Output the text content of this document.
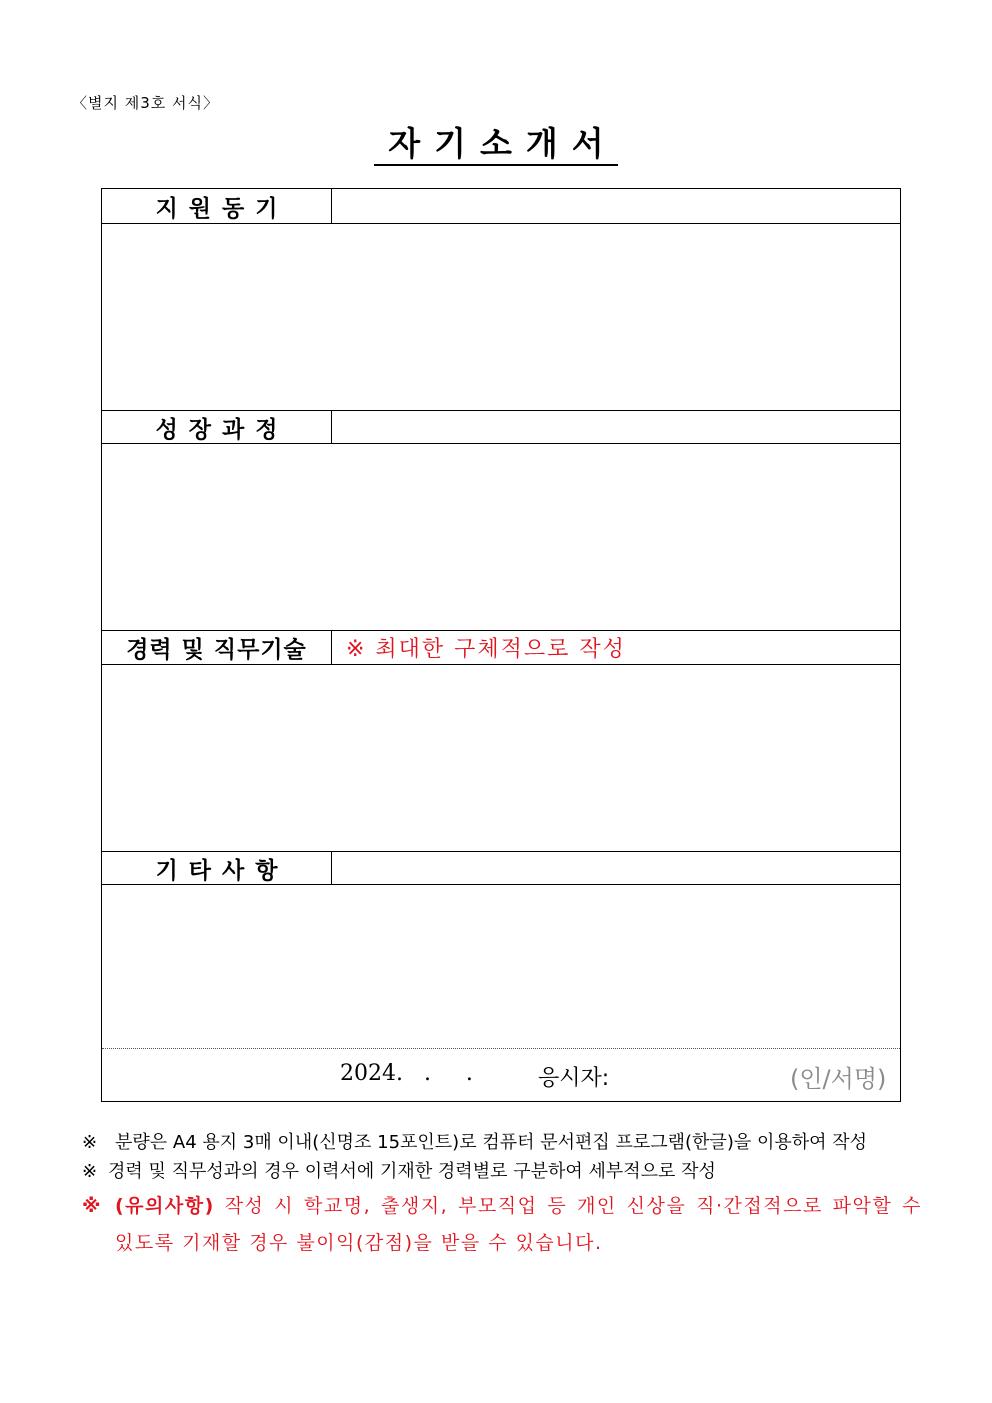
〈별지 제3호 서식〉
자기소개서
지원동기
성장과정
경력 및 직무기술	※ 최대한 구체적으로 작성
기타사항
2024.   .     .	응시자:	(인/서명)
※ 분량은 A4 용지 3매 이내(신명조 15포인트)로 컴퓨터 문서편집 프로그램(한글)을 이용하여 작성
※ 경력 및 직무성과의 경우 이력서에 기재한 경력별로 구분하여 세부적으로 작성
※ (유의사항) 작성 시 학교명, 출생지, 부모직업 등 개인 신상을 직·간접적으로 파악할 수 있도록 기재할 경우 불이익(감점)을 받을 수 있습니다.
